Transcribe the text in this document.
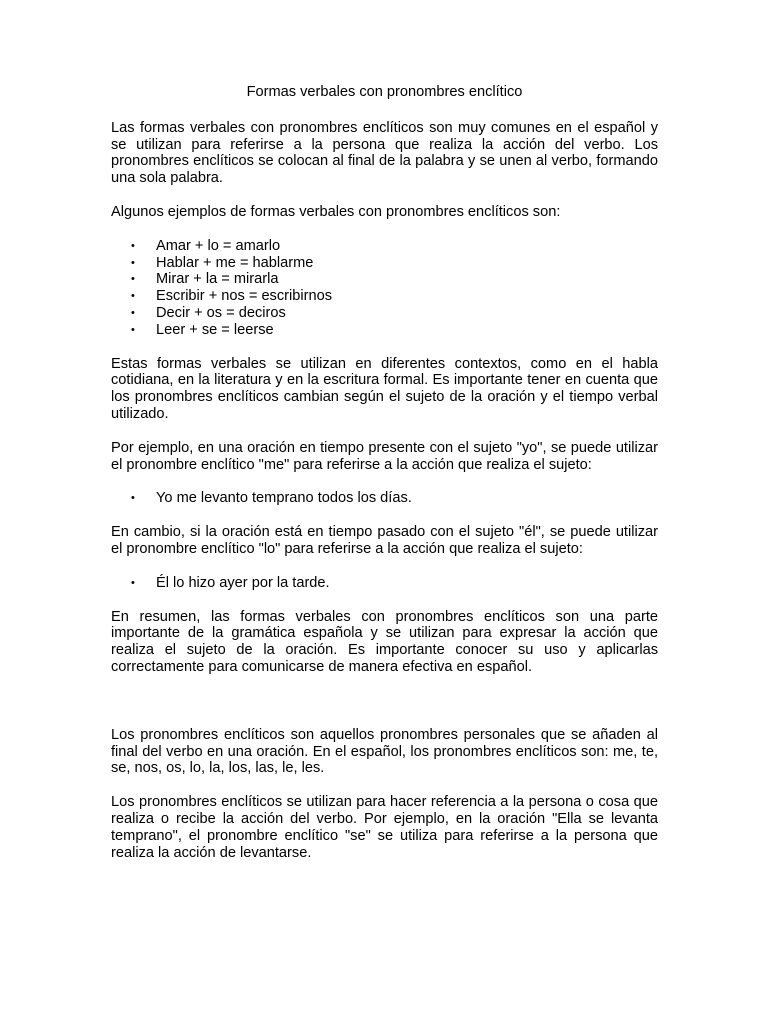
Formas verbales con pronombres enclítico

Las formas verbales con pronombres enclíticos son muy comunes en el español y se utilizan para referirse a la persona que realiza la acción del verbo. Los pronombres enclíticos se colocan al final de la palabra y se unen al verbo, formando una sola palabra.

Algunos ejemplos de formas verbales con pronombres enclíticos son:

• Amar + lo = amarlo
• Hablar + me = hablarme
• Mirar + la = mirarla
• Escribir + nos = escribirnos
• Decir + os = deciros
• Leer + se = leerse

Estas formas verbales se utilizan en diferentes contextos, como en el habla cotidiana, en la literatura y en la escritura formal. Es importante tener en cuenta que los pronombres enclíticos cambian según el sujeto de la oración y el tiempo verbal utilizado.

Por ejemplo, en una oración en tiempo presente con el sujeto "yo", se puede utilizar el pronombre enclítico "me" para referirse a la acción que realiza el sujeto:

• Yo me levanto temprano todos los días.

En cambio, si la oración está en tiempo pasado con el sujeto "él", se puede utilizar el pronombre enclítico "lo" para referirse a la acción que realiza el sujeto:

• Él lo hizo ayer por la tarde.

En resumen, las formas verbales con pronombres enclíticos son una parte importante de la gramática española y se utilizan para expresar la acción que realiza el sujeto de la oración. Es importante conocer su uso y aplicarlas correctamente para comunicarse de manera efectiva en español.

Los pronombres enclíticos son aquellos pronombres personales que se añaden al final del verbo en una oración. En el español, los pronombres enclíticos son: me, te, se, nos, os, lo, la, los, las, le, les.

Los pronombres enclíticos se utilizan para hacer referencia a la persona o cosa que realiza o recibe la acción del verbo. Por ejemplo, en la oración "Ella se levanta temprano", el pronombre enclítico "se" se utiliza para referirse a la persona que realiza la acción de levantarse.
